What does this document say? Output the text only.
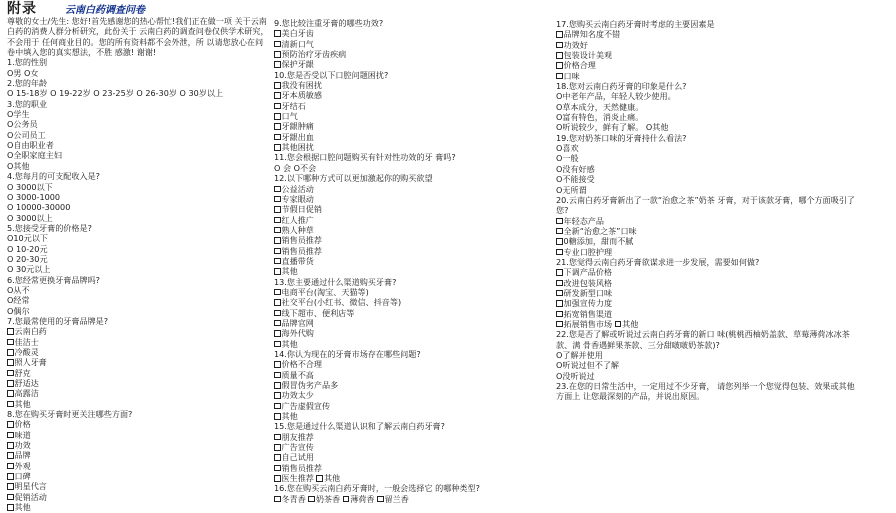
附录	云南白药调查问卷
尊敬的女士/先生: 您好!首先感谢您的热心帮忙!我们正在做一项 关于云南白药的消费人群分析研究，此份关于 云南白药的调查问卷仅供学术研究，不会用于 任何商业目的。您的所有资料都不会外泄，所 以请您放心在问卷中填入您的真实想法，不胜 感激! 谢谢!
1.您的性别
O男 O女
2.您的年龄
O 15-18岁 O 19-22岁 O 23-25岁 O 26-30岁 O 30岁以上
3.您的职业
O学生
O公务员
O公司员工
O自由职业者
O全职家庭主妇
O其他
4.您每月的可支配收入是?
O 3000以下
O 3000-1000
O 10000-30000
O 3000以上
5.您接受牙膏的价格是?
O10元以下
O 10-20元
O 20-30元
O 30元以上
6.您经常更换牙膏品牌吗?
O从不
O经常
O偶尔
7.您最常使用的牙膏品牌是?
云南白药
佳洁士
冷酸灵
照人牙膏
舒克
舒适达
高露洁
其他
8.您在购买牙膏时更关注哪些方面?
价格
味道
功效
品牌
外观
口碑
明星代言
促销活动
其他
9.您比较注重牙膏的哪些功效?
美白牙齿
清新口气
预防治疗牙齿疾病
保护牙龈
10.您是否受以下口腔问题困扰?
我没有困扰
牙本质敏感
牙结石
口气
牙龈肿痛
牙龈出血
其他困扰
11.您会根据口腔问题购买有针对性功效的牙 膏吗?
O 会 O不会
12.以下哪种方式可以更加激起你的购买欲望
公益活动
专家眼动
节假日促销
红人推广
熟人种草
销售员推荐
销售员推荐
直播带货
其他
13.您主要通过什么渠道购买牙膏?
电商平台(淘宝、天猫等)
社交平台(小红书、微信、抖音等)
线下超市、便利店等
品牌官网
海外代购
其他
14.你认为现在的牙膏市场存在哪些问题?
价格不合理
质量不高
假冒伪劣产品多
功效太少
广告虚假宣传
其他
15.您是通过什么渠道认识和了解云南白药牙膏?
朋友推荐
广告宣传
自己试用
销售员推荐
医生推荐 其他
16.您在购买云南白药牙膏时，一般会选择它 的哪种类型?
冬青香 奶茶香 薄荷香 留兰香
17.您购买云南白药牙膏时考虑的主要因素是
品牌知名度不错
功效好
包装设计美观
价格合理
口味
18.您对云南白药牙膏的印象是什么?
O中老年产品，年轻人较少使用。
O草本成分，天然健康。
O富有特色，消炎止痛。
O听说较少，鲜有了解。 O其他
19.您对奶茶口味的牙膏持什么看法?
O喜欢
O一般
O没有好感
O不能接受
O无所谓
20.云南白药牙膏新出了一款“治愈之茶”奶茶 牙膏，对于该款牙膏，哪个方面吸引了您?
年轻态产品
全新“治愈之茶”口味
0糖添加，甜而不腻
专业口腔护理
21.您觉得云南白药牙膏欲谋求进一步发展，需要如何做?
下调产品价格
改进包装风格
研发新型口味
加强宣传力度
拓宽销售渠道
拓展销售市场 其他
22.您是否了解或听说过云南白药牙膏的新口 味(桃桃西柚奶盖款、草莓薄荷冰冰茶款、满 骨香遇鲜果茶款、三分甜啵啵奶茶款)?
O了解并使用
O听说过但不了解
O没听说过
23.在您的日常生活中，一定用过不少牙膏， 请您列举一个您觉得包装、效果或其他方面上 让您最深刻的产品，并说出原因。
